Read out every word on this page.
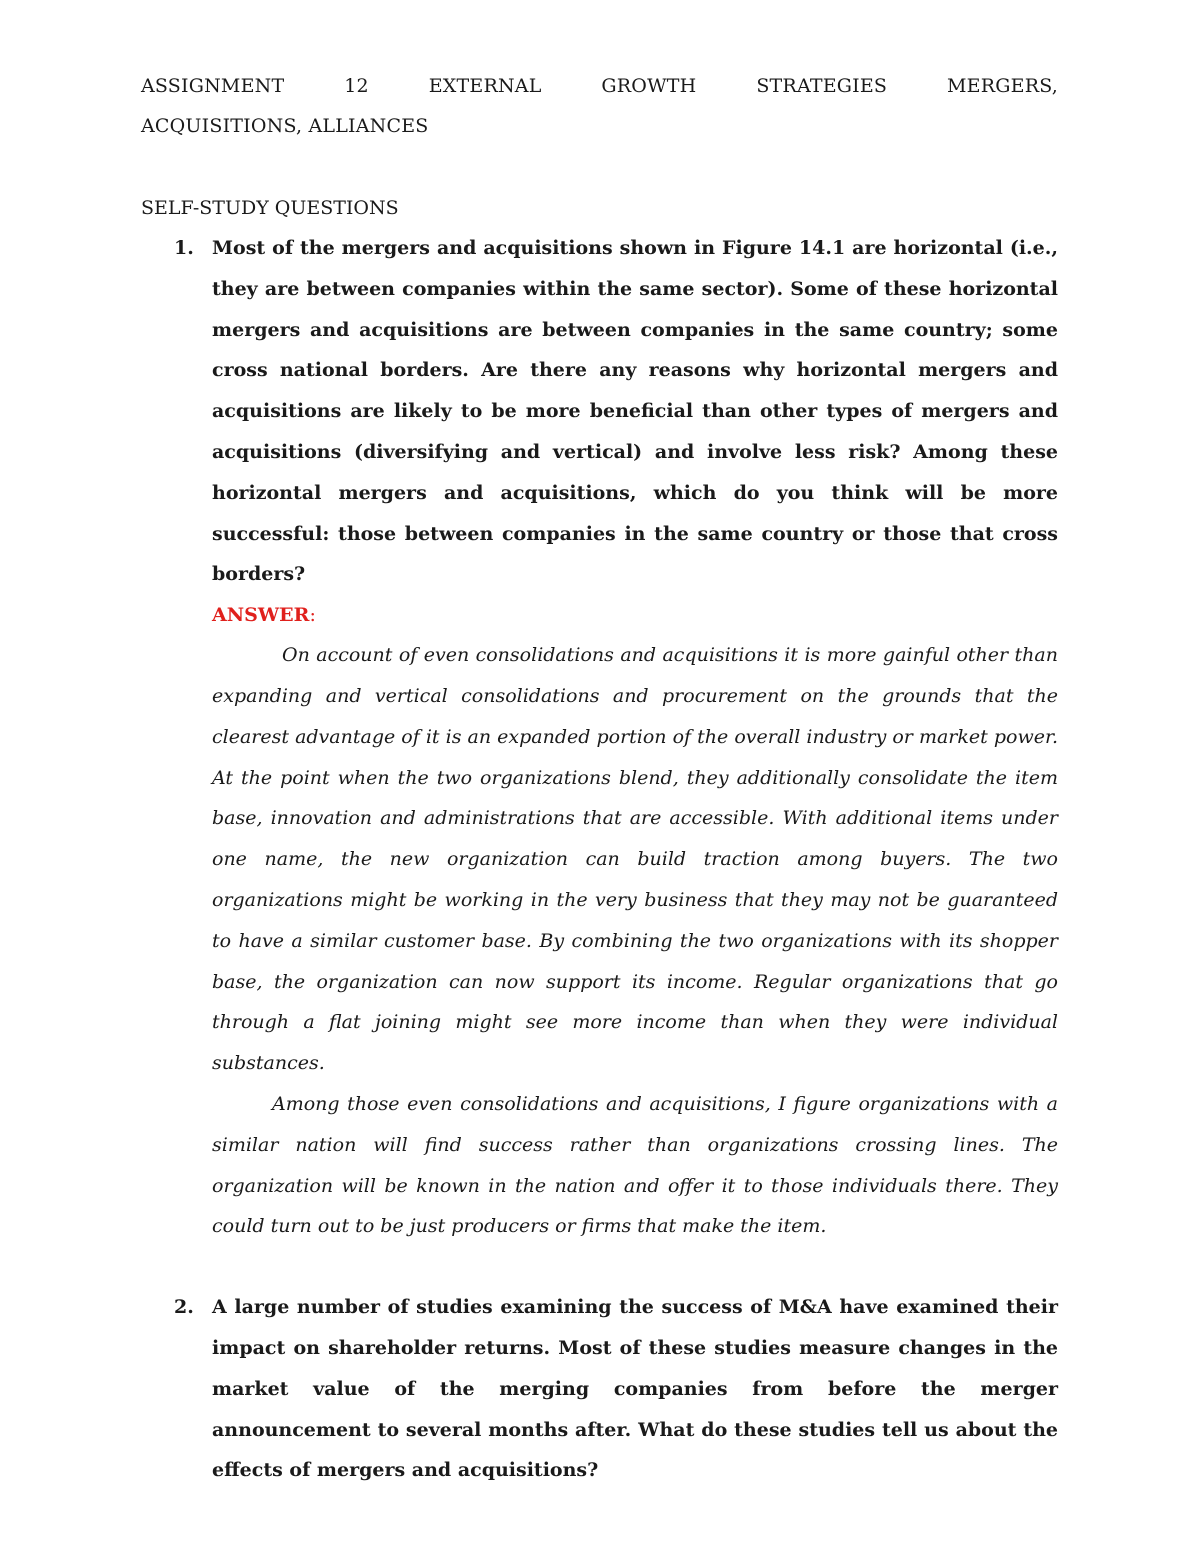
ASSIGNMENT	12	EXTERNAL	GROWTH	STRATEGIES	MERGERS,
ACQUISITIONS, ALLIANCES
SELF-STUDY QUESTIONS
1. Most of the mergers and acquisitions shown in Figure 14.1 are horizontal (i.e., they are between companies within the same sector). Some of these horizontal mergers and acquisitions are between companies in the same country; some cross national borders. Are there any reasons why horizontal mergers and acquisitions are likely to be more beneficial than other types of mergers and acquisitions (diversifying and vertical) and involve less risk? Among these horizontal mergers and acquisitions, which do you think will be more successful: those between companies in the same country or those that cross borders?
ANSWER:
On account of even consolidations and acquisitions it is more gainful other than expanding and vertical consolidations and procurement on the grounds that the clearest advantage of it is an expanded portion of the overall industry or market power. At the point when the two organizations blend, they additionally consolidate the item base, innovation and administrations that are accessible. With additional items under one name, the new organization can build traction among buyers. The two organizations might be working in the very business that they may not be guaranteed to have a similar customer base. By combining the two organizations with its shopper base, the organization can now support its income. Regular organizations that go through a flat joining might see more income than when they were individual substances.
Among those even consolidations and acquisitions, I figure organizations with a similar nation will find success rather than organizations crossing lines. The organization will be known in the nation and offer it to those individuals there. They could turn out to be just producers or firms that make the item.
2. A large number of studies examining the success of M&A have examined their impact on shareholder returns. Most of these studies measure changes in the market value of the merging companies from before the merger announcement to several months after. What do these studies tell us about the effects of mergers and acquisitions?
